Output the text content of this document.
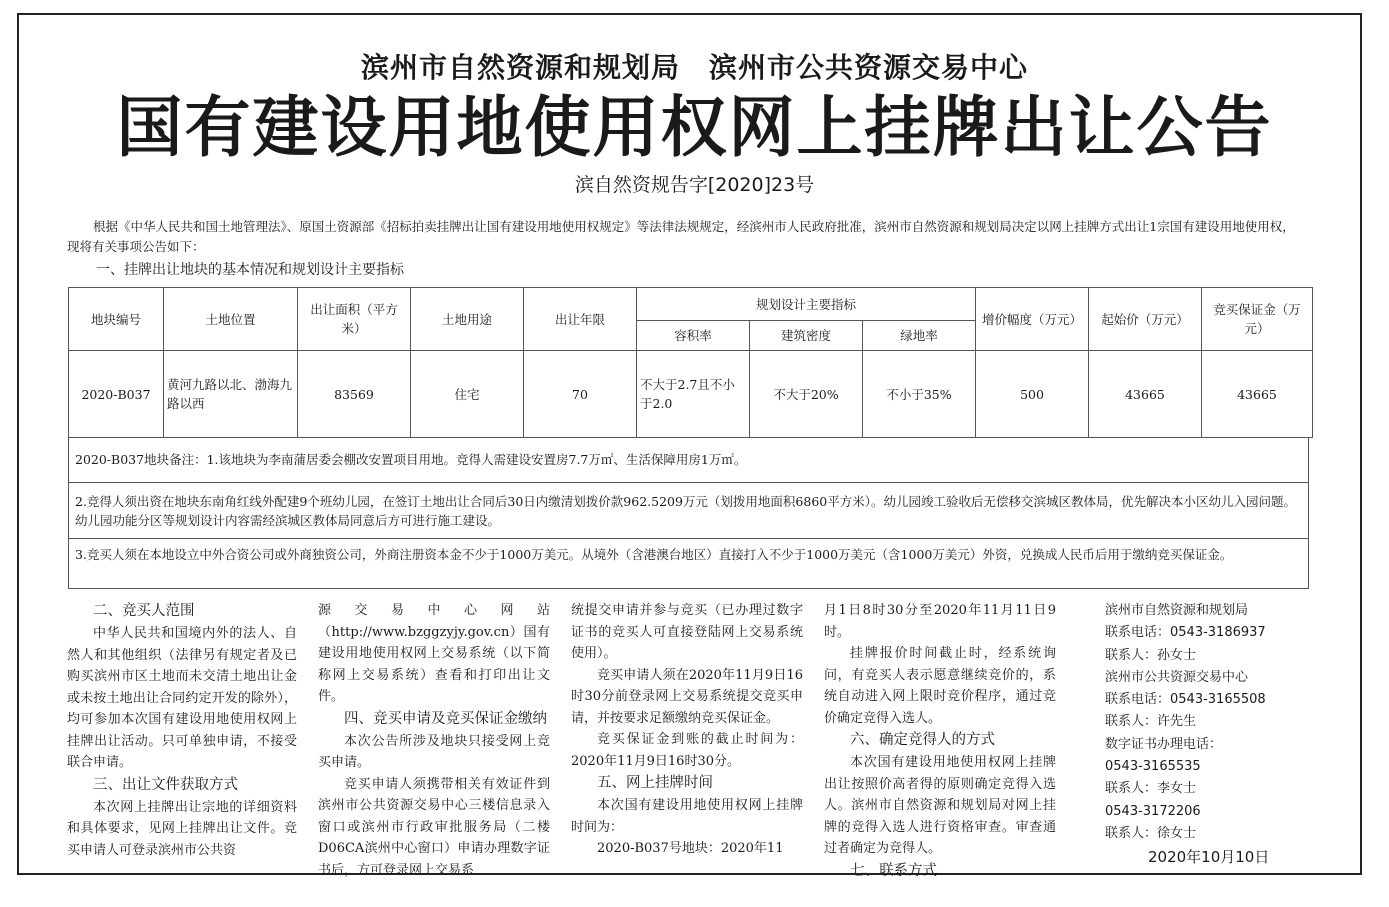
滨州市自然资源和规划局　滨州市公共资源交易中心
国有建设用地使用权网上挂牌出让公告
滨自然资规告字[2020]23号
根据《中华人民共和国土地管理法》、原国土资源部《招标拍卖挂牌出让国有建设用地使用权规定》等法律法规规定，经滨州市人民政府批准，滨州市自然资源和规划局决定以网上挂牌方式出让1宗国有建设用地使用权，现将有关事项公告如下：
一、挂牌出让地块的基本情况和规划设计主要指标
地块编号	土地位置	出让面积（平方米）	土地用途	出让年限	规划设计主要指标			增价幅度（万元）	起始价（万元）	竞买保证金（万元）
					容积率	建筑密度	绿地率			
2020-B037	黄河九路以北、渤海九路以西	83569	住宅	70	不大于2.7且不小于2.0	不大于20%	不小于35%	500	43665	43665
2020-B037地块备注：1.该地块为李南蒲居委会棚改安置项目用地。竞得人需建设安置房7.7万㎡、生活保障用房1万㎡。
2.竞得人须出资在地块东南角红线外配建9个班幼儿园，在签订土地出让合同后30日内缴清划拨价款962.5209万元（划拨用地面积6860平方米）。幼儿园竣工验收后无偿移交滨城区教体局，优先解决本小区幼儿入园问题。幼儿园功能分区等规划设计内容需经滨城区教体局同意后方可进行施工建设。
3.竞买人须在本地设立中外合资公司或外商独资公司，外商注册资本金不少于1000万美元。从境外（含港澳台地区）直接打入不少于1000万美元（含1000万美元）外资，兑换成人民币后用于缴纳竞买保证金。
二、竞买人范围

中华人民共和国境内外的法人、自然人和其他组织（法律另有规定者及已购买滨州市区土地而未交清土地出让金或未按土地出让合同约定开发的除外），均可参加本次国有建设用地使用权网上挂牌出让活动。只可单独申请，不接受联合申请。

三、出让文件获取方式

本次网上挂牌出让宗地的详细资料和具体要求，见网上挂牌出让文件。竞买申请人可登录滨州市公共资

源交易中心网站（http://www.bzggzyjy.gov.cn）国有建设用地使用权网上交易系统（以下简称网上交易系统）查看和打印出让文件。

四、竞买申请及竞买保证金缴纳

本次公告所涉及地块只接受网上竞买申请。

竞买申请人须携带相关有效证件到滨州市公共资源交易中心三楼信息录入窗口或滨州市行政审批服务局（二楼D06CA滨州中心窗口）申请办理数字证书后，方可登录网上交易系

统提交申请并参与竞买（已办理过数字证书的竞买人可直接登陆网上交易系统使用）。

竞买申请人须在2020年11月9日16时30分前登录网上交易系统提交竞买申请，并按要求足额缴纳竞买保证金。

竞买保证金到账的截止时间为：2020年11月9日16时30分。

五、网上挂牌时间

本次国有建设用地使用权网上挂牌时间为：

2020-B037号地块：2020年11

月1日8时30分至2020年11月11日9时。

挂牌报价时间截止时，经系统询问，有竞买人表示愿意继续竞价的，系统自动进入网上限时竞价程序，通过竞价确定竞得入选人。

六、确定竞得人的方式

本次国有建设用地使用权网上挂牌出让按照价高者得的原则确定竞得入选人。滨州市自然资源和规划局对网上挂牌的竞得入选人进行资格审查。审查通过者确定为竞得人。

七、联系方式
滨州市自然资源和规划局
联系电话：0543-3186937
联系人：孙女士
滨州市公共资源交易中心
联系电话：0543-3165508
联系人：许先生
数字证书办理电话：
0543-3165535
联系人：李女士
0543-3172206
联系人：徐女士
2020年10月10日
